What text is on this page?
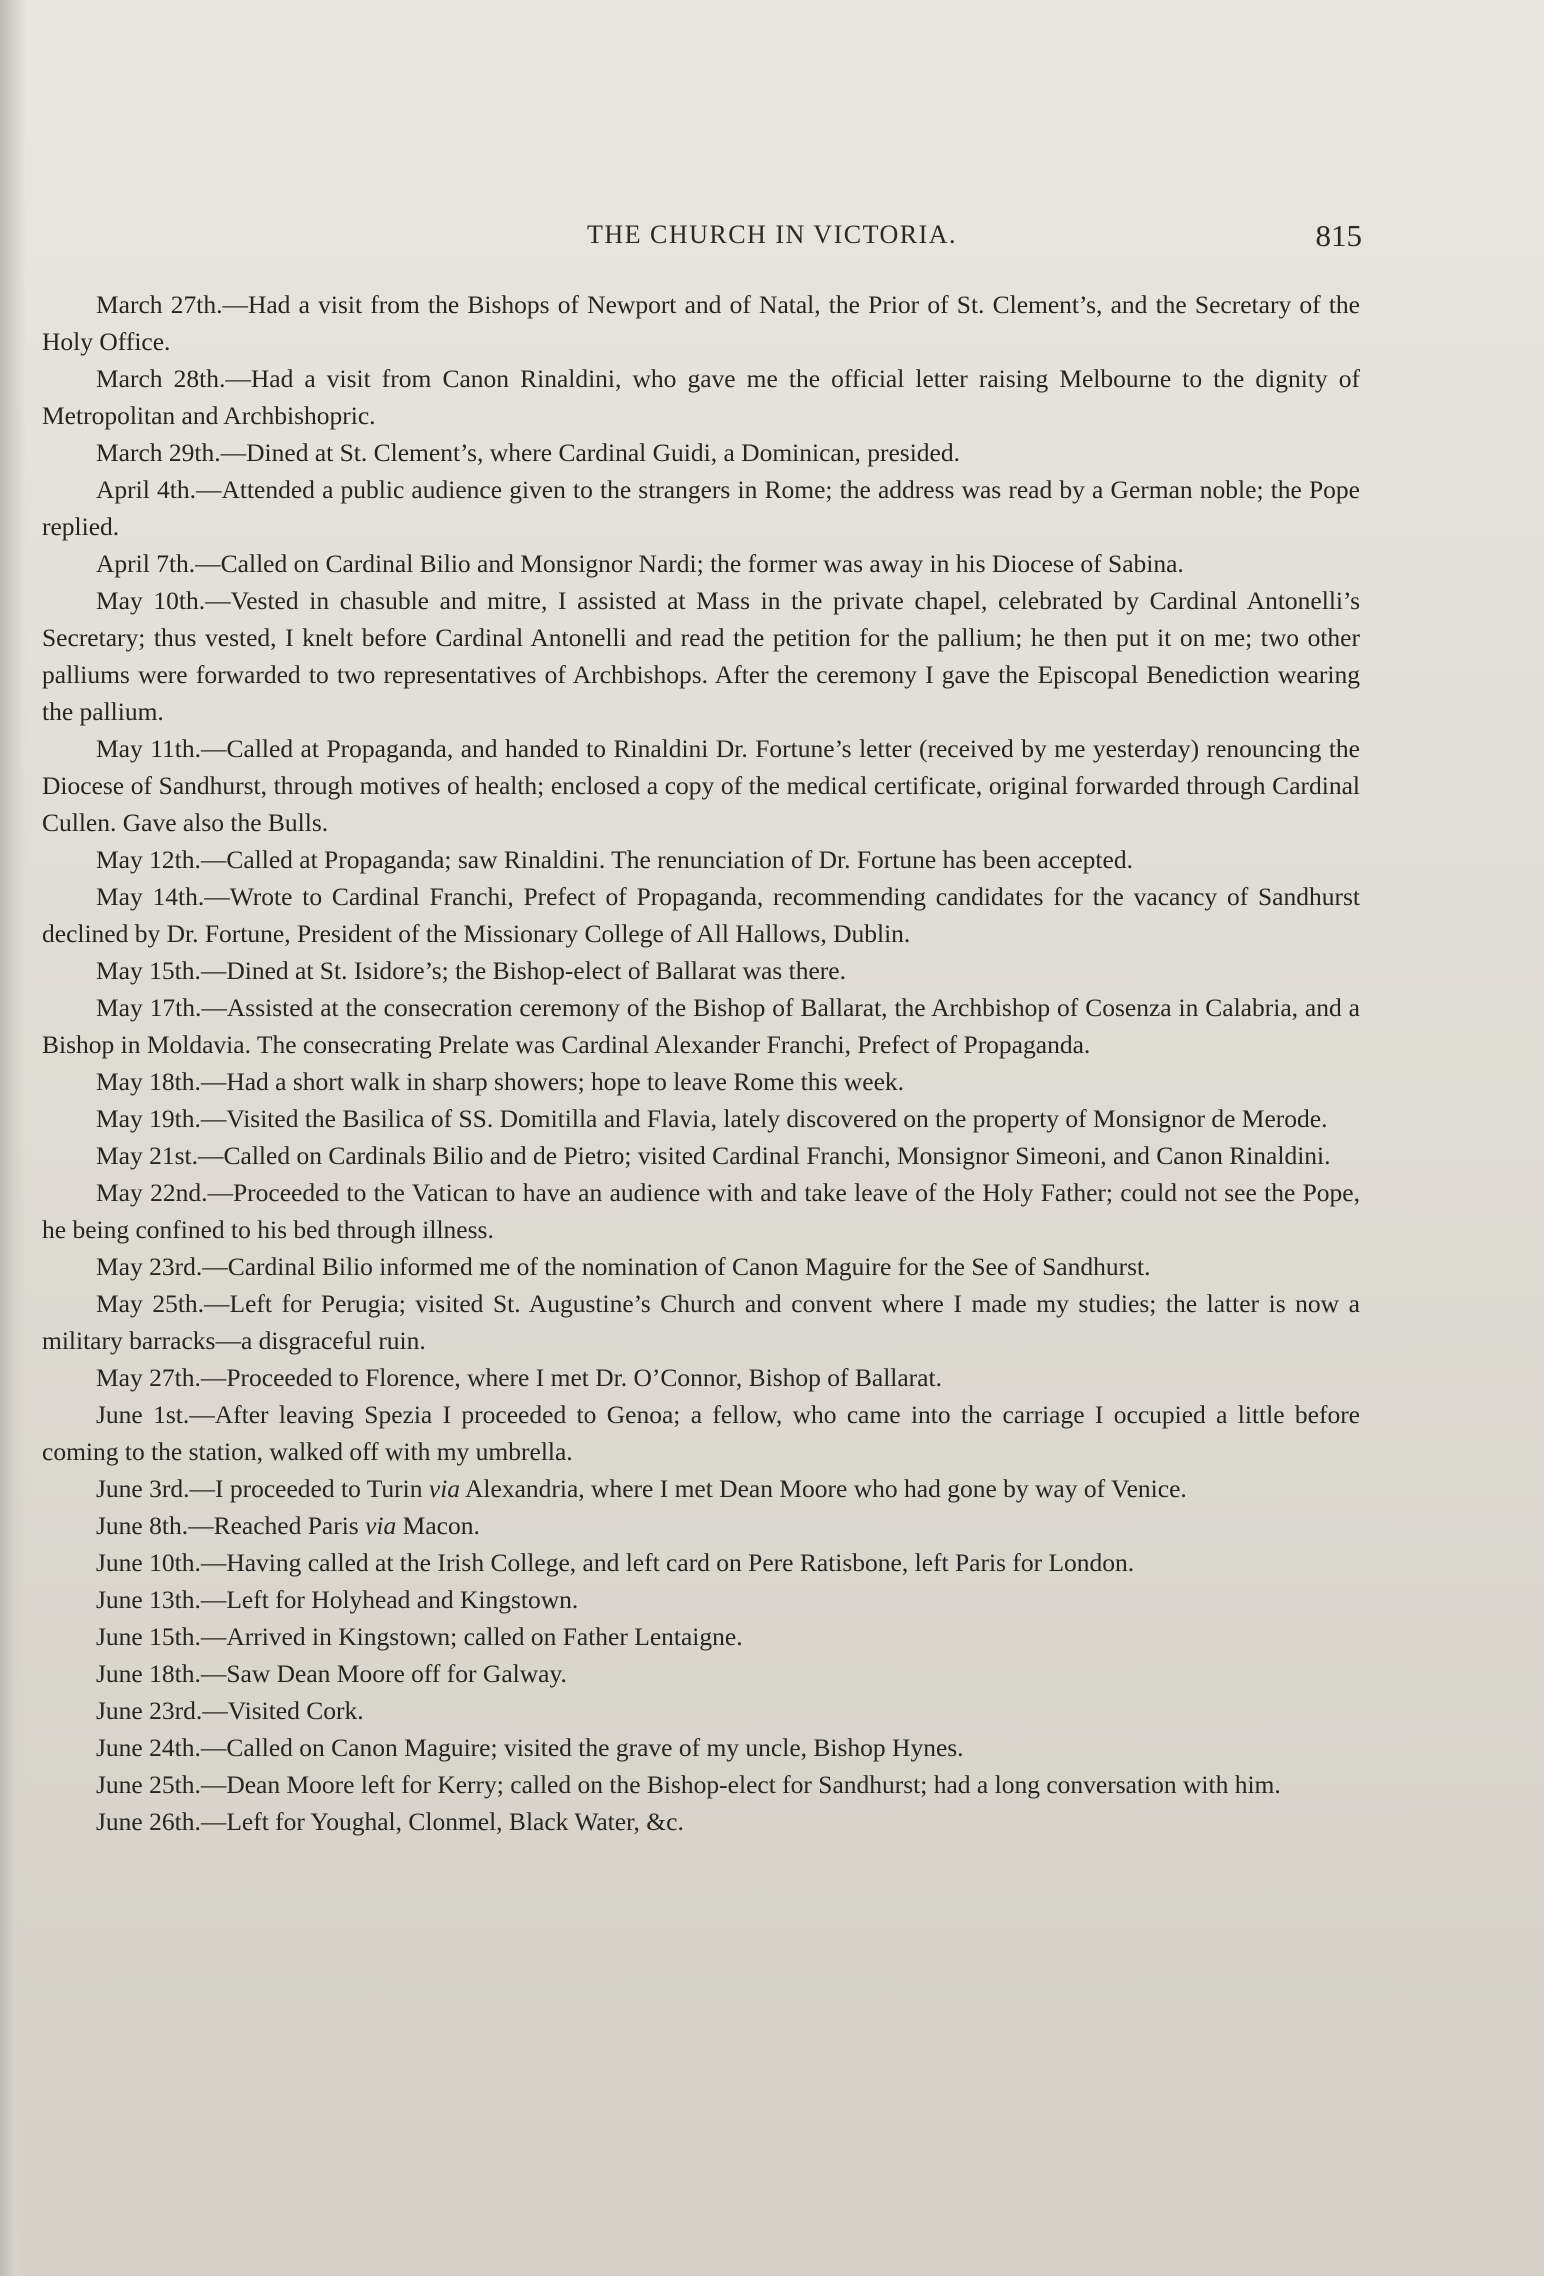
THE CHURCH IN VICTORIA.	815

March 27th.—Had a visit from the Bishops of Newport and of Natal, the Prior of St. Clement’s, and the Secretary of the Holy Office.

March 28th.—Had a visit from Canon Rinaldini, who gave me the official letter raising Melbourne to the dignity of Metropolitan and Archbishopric.

March 29th.—Dined at St. Clement’s, where Cardinal Guidi, a Dominican, presided.

April 4th.—Attended a public audience given to the strangers in Rome; the address was read by a German noble; the Pope replied.

April 7th.—Called on Cardinal Bilio and Monsignor Nardi; the former was away in his Diocese of Sabina.

May 10th.—Vested in chasuble and mitre, I assisted at Mass in the private chapel, celebrated by Cardinal Antonelli’s Secretary; thus vested, I knelt before Cardinal Antonelli and read the petition for the pallium; he then put it on me; two other palliums were forwarded to two representatives of Archbishops. After the ceremony I gave the Episcopal Benediction wearing the pallium.

May 11th.—Called at Propaganda, and handed to Rinaldini Dr. Fortune’s letter (received by me yesterday) renouncing the Diocese of Sandhurst, through motives of health; enclosed a copy of the medical certificate, original forwarded through Cardinal Cullen. Gave also the Bulls.

May 12th.—Called at Propaganda; saw Rinaldini. The renunciation of Dr. Fortune has been accepted.

May 14th.—Wrote to Cardinal Franchi, Prefect of Propaganda, recommending candidates for the vacancy of Sandhurst declined by Dr. Fortune, President of the Missionary College of All Hallows, Dublin.

May 15th.—Dined at St. Isidore’s; the Bishop-elect of Ballarat was there.

May 17th.—Assisted at the consecration ceremony of the Bishop of Ballarat, the Archbishop of Cosenza in Calabria, and a Bishop in Moldavia. The consecrating Prelate was Cardinal Alexander Franchi, Prefect of Propaganda.

May 18th.—Had a short walk in sharp showers; hope to leave Rome this week.

May 19th.—Visited the Basilica of SS. Domitilla and Flavia, lately discovered on the property of Monsignor de Merode.

May 21st.—Called on Cardinals Bilio and de Pietro; visited Cardinal Franchi, Monsignor Simeoni, and Canon Rinaldini.

May 22nd.—Proceeded to the Vatican to have an audience with and take leave of the Holy Father; could not see the Pope, he being confined to his bed through illness.

May 23rd.—Cardinal Bilio informed me of the nomination of Canon Maguire for the See of Sandhurst.

May 25th.—Left for Perugia; visited St. Augustine’s Church and convent where I made my studies; the latter is now a military barracks—a disgraceful ruin.

May 27th.—Proceeded to Florence, where I met Dr. O’Connor, Bishop of Ballarat.

June 1st.—After leaving Spezia I proceeded to Genoa; a fellow, who came into the carriage I occupied a little before coming to the station, walked off with my umbrella.

June 3rd.—I proceeded to Turin via Alexandria, where I met Dean Moore who had gone by way of Venice.

June 8th.—Reached Paris via Macon.

June 10th.—Having called at the Irish College, and left card on Pere Ratisbone, left Paris for London.

June 13th.—Left for Holyhead and Kingstown.

June 15th.—Arrived in Kingstown; called on Father Lentaigne.

June 18th.—Saw Dean Moore off for Galway.

June 23rd.—Visited Cork.

June 24th.—Called on Canon Maguire; visited the grave of my uncle, Bishop Hynes.

June 25th.—Dean Moore left for Kerry; called on the Bishop-elect for Sandhurst; had a long conversation with him.

June 26th.—Left for Youghal, Clonmel, Black Water, &c.
